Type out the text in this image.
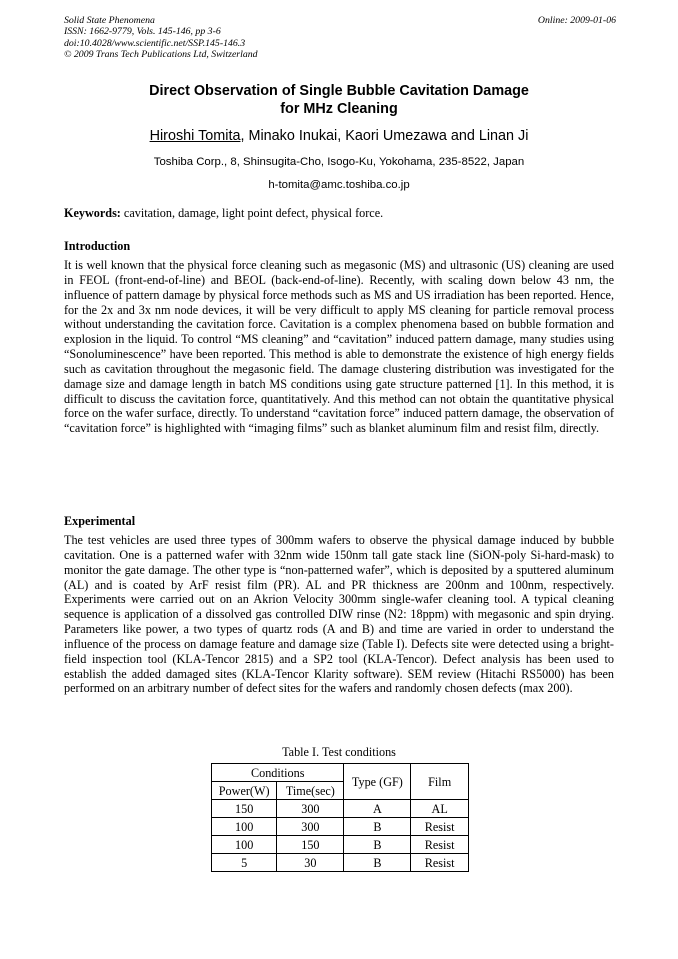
Solid State Phenomena
ISSN: 1662-9779, Vols. 145-146, pp 3-6
doi:10.4028/www.scientific.net/SSP.145-146.3
© 2009 Trans Tech Publications Ltd, Switzerland
Online: 2009-01-06
Direct Observation of Single Bubble Cavitation Damage
for MHz Cleaning
Hiroshi Tomita, Minako Inukai, Kaori Umezawa and Linan Ji
Toshiba Corp., 8, Shinsugita-Cho, Isogo-Ku, Yokohama, 235-8522, Japan
h-tomita@amc.toshiba.co.jp
Keywords: cavitation, damage, light point defect, physical force.
Introduction
It is well known that the physical force cleaning such as megasonic (MS) and ultrasonic (US) cleaning are used in FEOL (front-end-of-line) and BEOL (back-end-of-line). Recently, with scaling down below 43 nm, the influence of pattern damage by physical force methods such as MS and US irradiation has been reported. Hence, for the 2x and 3x nm node devices, it will be very difficult to apply MS cleaning for particle removal process without understanding the cavitation force. Cavitation is a complex phenomena based on bubble formation and explosion in the liquid. To control “MS cleaning” and “cavitation” induced pattern damage, many studies using “Sonoluminescence” have been reported. This method is able to demonstrate the existence of high energy fields such as cavitation throughout the megasonic field. The damage clustering distribution was investigated for the damage size and damage length in batch MS conditions using gate structure patterned [1]. In this method, it is difficult to discuss the cavitation force, quantitatively. And this method can not obtain the quantitative physical force on the wafer surface, directly. To understand “cavitation force” induced pattern damage, the observation of “cavitation force” is highlighted with “imaging films” such as blanket aluminum film and resist film, directly.
Experimental
The test vehicles are used three types of 300mm wafers to observe the physical damage induced by bubble cavitation. One is a patterned wafer with 32nm wide 150nm tall gate stack line (SiON-poly Si-hard-mask) to monitor the gate damage. The other type is “non-patterned wafer”, which is deposited by a sputtered aluminum (AL) and is coated by ArF resist film (PR). AL and PR thickness are 200nm and 100nm, respectively. Experiments were carried out on an Akrion Velocity 300mm single-wafer cleaning tool. A typical cleaning sequence is application of a dissolved gas controlled DIW rinse (N2: 18ppm) with megasonic and spin drying. Parameters like power, a two types of quartz rods (A and B) and time are varied in order to understand the influence of the process on damage feature and damage size (Table I). Defects site were detected using a bright-field inspection tool (KLA-Tencor 2815) and a SP2 tool (KLA-Tencor). Defect analysis has been used to establish the added damaged sites (KLA-Tencor Klarity software). SEM review (Hitachi RS5000) has been performed on an arbitrary number of defect sites for the wafers and randomly chosen defects (max 200).
Table I. Test conditions
Conditions		Type (GF)	Film
Power(W)	Time(sec)		
150	300	A	AL
100	300	B	Resist
100	150	B	Resist
5	30	B	Resist
